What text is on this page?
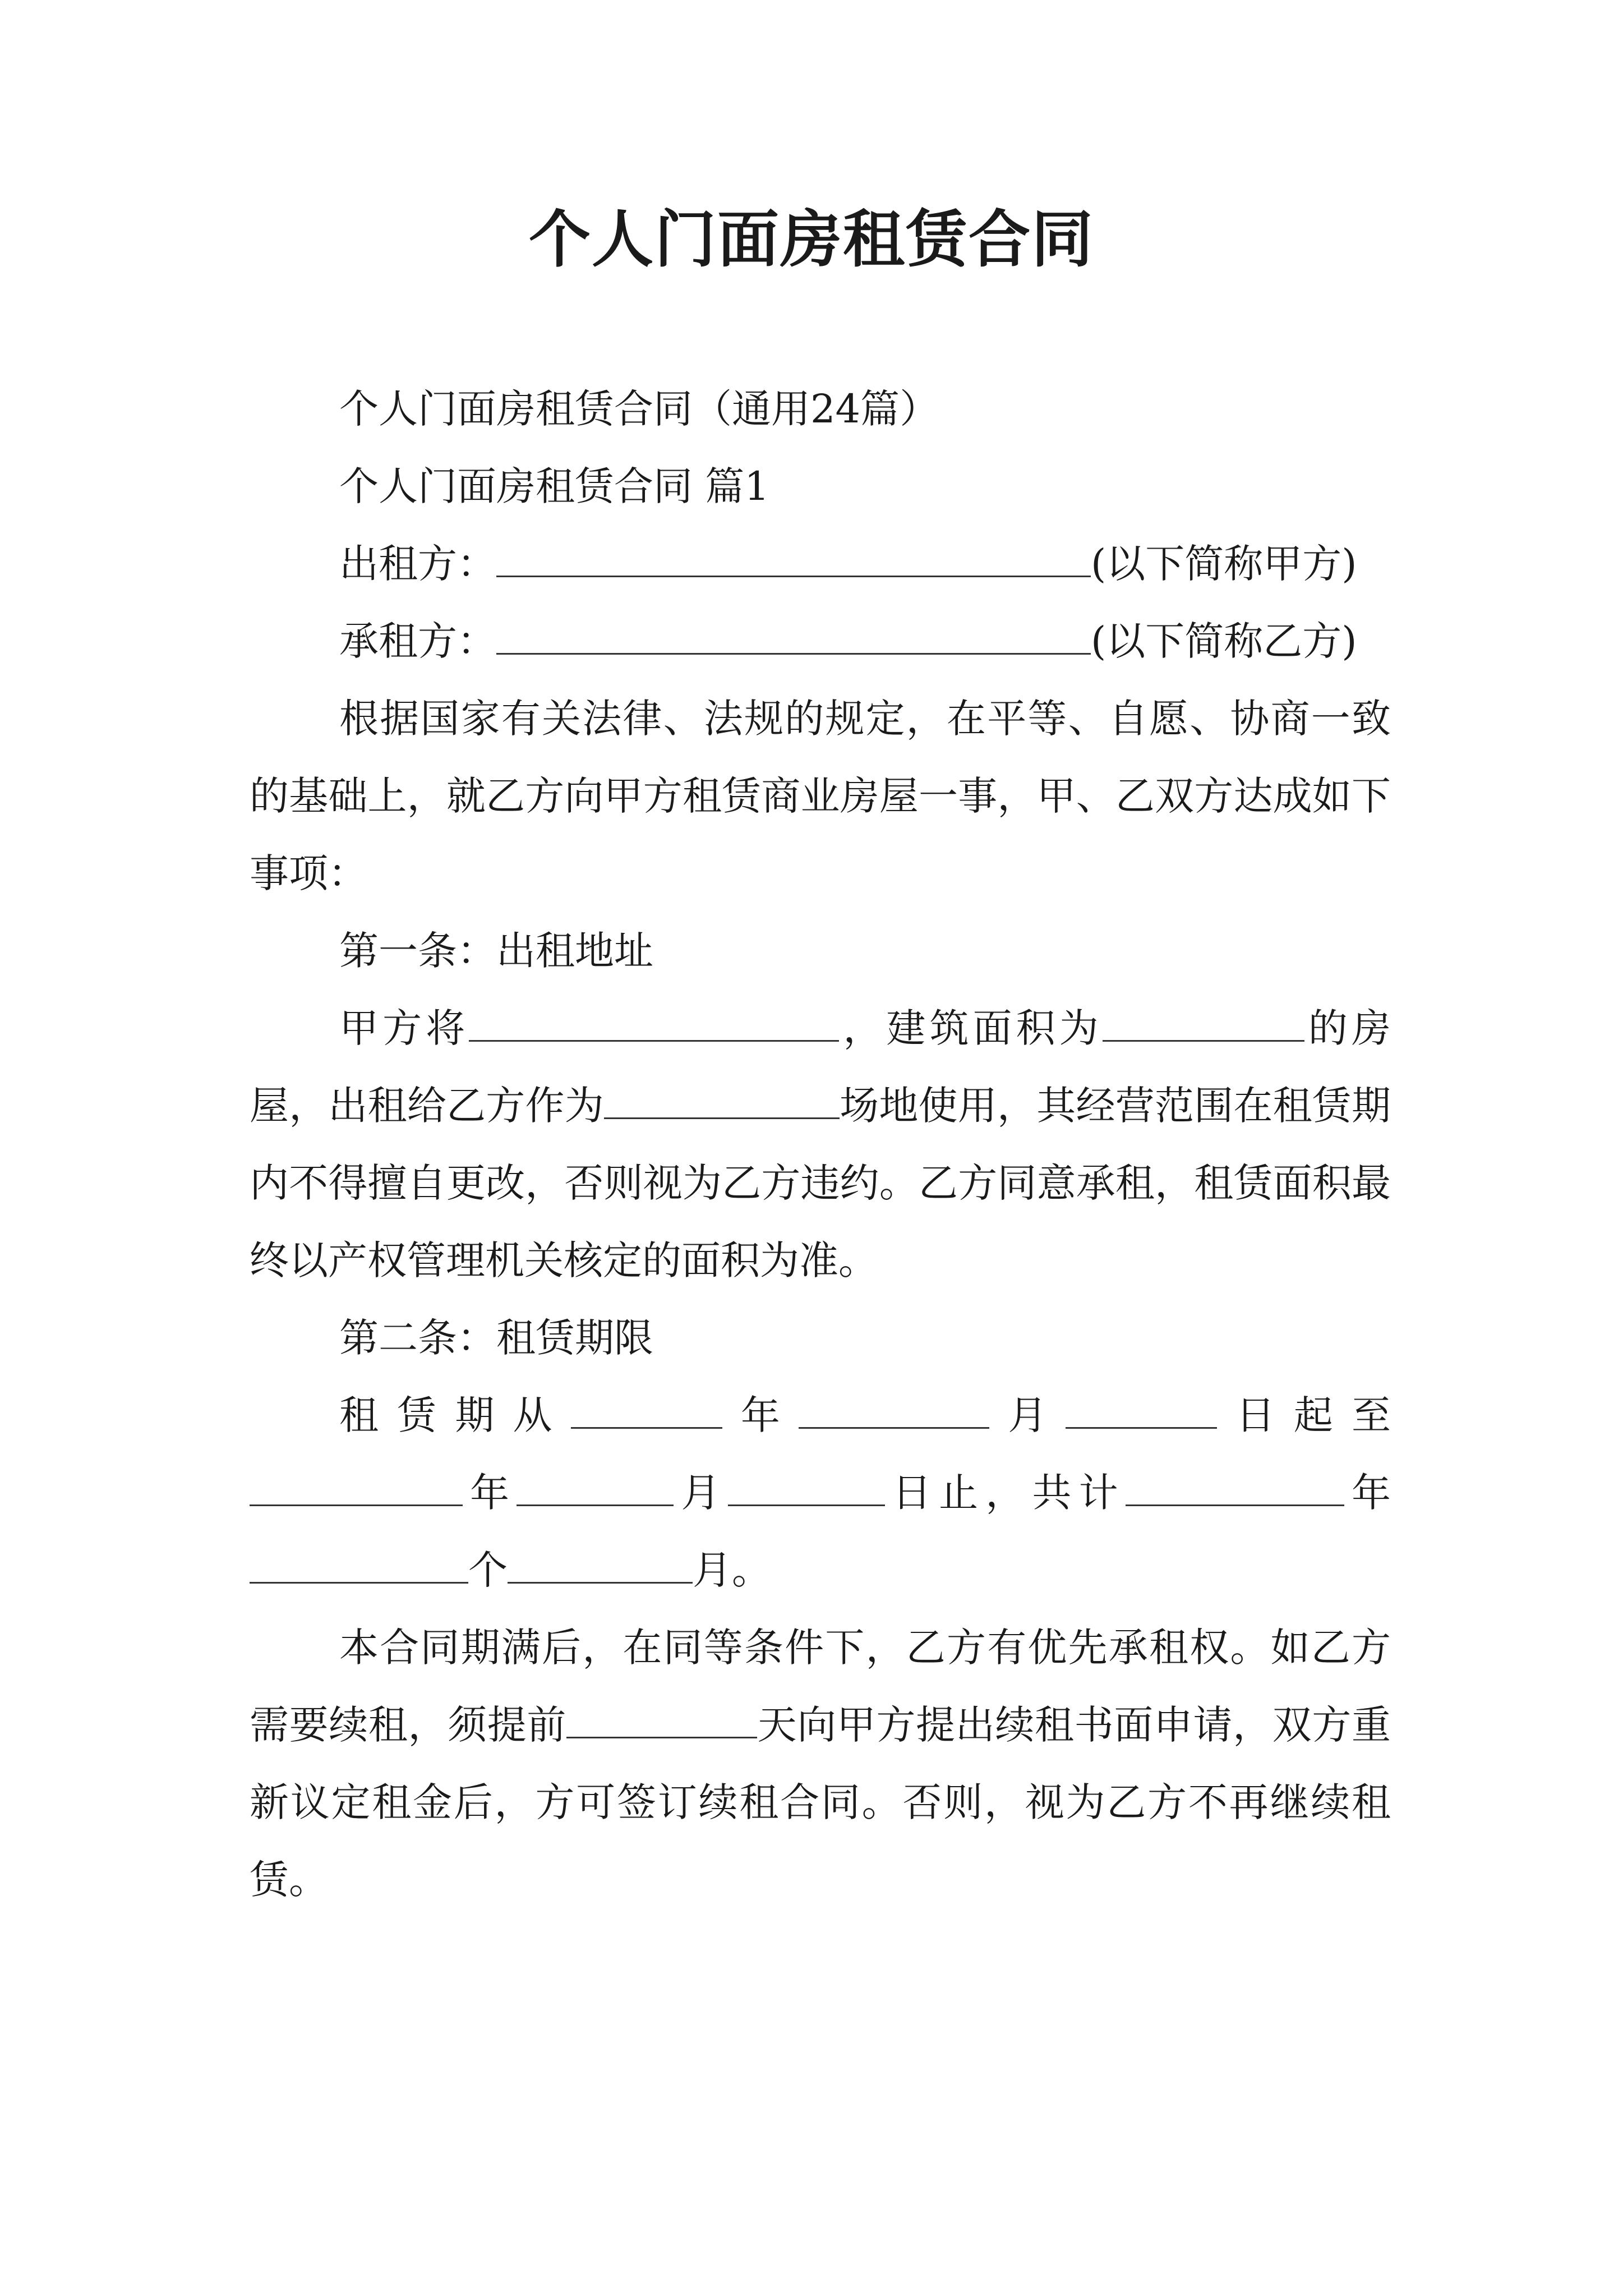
个人门面房租赁合同

个人门面房租赁合同（通用24篇）

个人门面房租赁合同 篇1

出租方：	(以下简称甲方)

承租方：	(以下简称乙方)

根据国家有关法律、法规的规定，在平等、自愿、协商一致的基础上，就乙方向甲方租赁商业房屋一事，甲、乙双方达成如下事项：

第一条：出租地址

甲方将	，建筑面积为	的房屋，出租给乙方作为	场地使用，其经营范围在租赁期内不得擅自更改，否则视为乙方违约。乙方同意承租，租赁面积最终以产权管理机关核定的面积为准。

第二条：租赁期限

租赁期从	年	月	日起至

年	月	日止，共计	年

个	月。

本合同期满后，在同等条件下，乙方有优先承租权。如乙方需要续租，须提前	天向甲方提出续租书面申请，双方重新议定租金后，方可签订续租合同。否则，视为乙方不再继续租赁。
